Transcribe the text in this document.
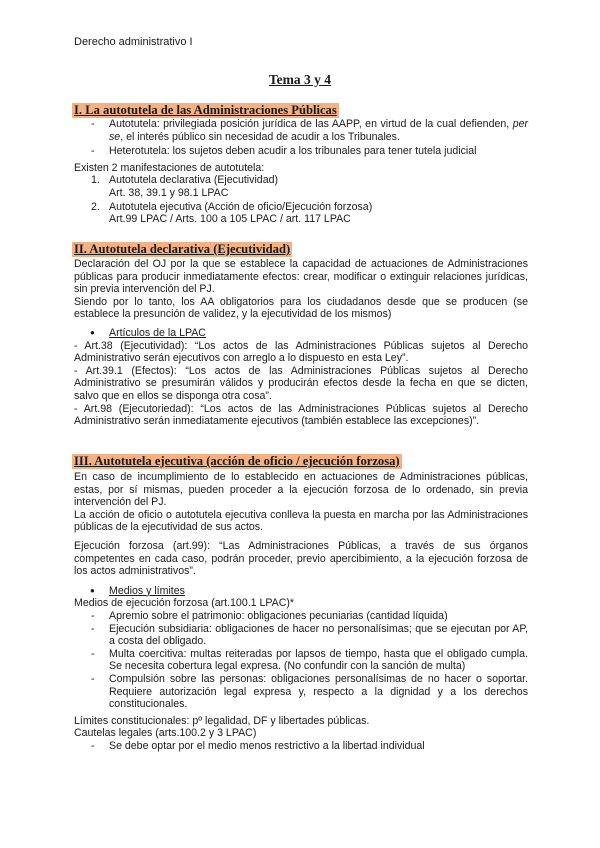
Derecho administrativo I
Tema 3 y 4
I. La autotutela de las Administraciones Públicas

- Autotutela: privilegiada posición jurídica de las AAPP, en virtud de la cual defienden, per se, el interés público sin necesidad de acudir a los Tribunales.

- Heterotutela: los sujetos deben acudir a los tribunales para tener tutela judicial

Existen 2 manifestaciones de autotutela:

1. Autotutela declarativa (Ejecutividad)

Art. 38, 39.1 y 98.1 LPAC

2. Autotutela ejecutiva (Acción de oficio/Ejecución forzosa)

Art.99 LPAC / Arts. 100 a 105 LPAC / art. 117 LPAC

II. Autotutela declarativa (Ejecutividad)

Declaración del OJ por la que se establece la capacidad de actuaciones de Administraciones públicas para producir inmediatamente efectos: crear, modificar o extinguir relaciones jurídicas, sin previa intervención del PJ.

Siendo por lo tanto, los AA obligatorios para los ciudadanos desde que se producen (se establece la presunción de validez, y la ejecutividad de los mismos)

● Artículos de la LPAC

- Art.38 (Ejecutividad): “Los actos de las Administraciones Públicas sujetos al Derecho Administrativo serán ejecutivos con arreglo a lo dispuesto en esta Ley”.

- Art.39.1 (Efectos): “Los actos de las Administraciones Públicas sujetos al Derecho Administrativo se presumirán válidos y producirán efectos desde la fecha en que se dicten, salvo que en ellos se disponga otra cosa”.

- Art.98 (Ejecutoriedad): “Los actos de las Administraciones Públicas sujetos al Derecho Administrativo serán inmediatamente ejecutivos (también establece las excepciones)”.

III. Autotutela ejecutiva (acción de oficio / ejecución forzosa)

En caso de incumplimiento de lo establecido en actuaciones de Administraciones públicas, estas, por sí mismas, pueden proceder a la ejecución forzosa de lo ordenado, sin previa intervención del PJ.

La acción de oficio o autotutela ejecutiva conlleva la puesta en marcha por las Administraciones públicas de la ejecutividad de sus actos.

Ejecución forzosa (art.99): “Las Administraciones Públicas, a través de sus órganos competentes en cada caso, podrán proceder, previo apercibimiento, a la ejecución forzosa de los actos administrativos”.

● Medios y límites

Medios de ejecución forzosa (art.100.1 LPAC)*

- Apremio sobre el patrimonio: obligaciones pecuniarias (cantidad líquida)

- Ejecución subsidiaria: obligaciones de hacer no personalísimas; que se ejecutan por AP, a costa del obligado.

- Multa coercitiva: multas reiteradas por lapsos de tiempo, hasta que el obligado cumpla. Se necesita cobertura legal expresa. (No confundir con la sanción de multa)

- Compulsión sobre las personas: obligaciones personalísimas de no hacer o soportar. Requiere autorización legal expresa y, respecto a la dignidad y a los derechos constitucionales.

Límites constitucionales: pº legalidad, DF y libertades públicas.

Cautelas legales (arts.100.2 y 3 LPAC)

- Se debe optar por el medio menos restrictivo a la libertad individual
